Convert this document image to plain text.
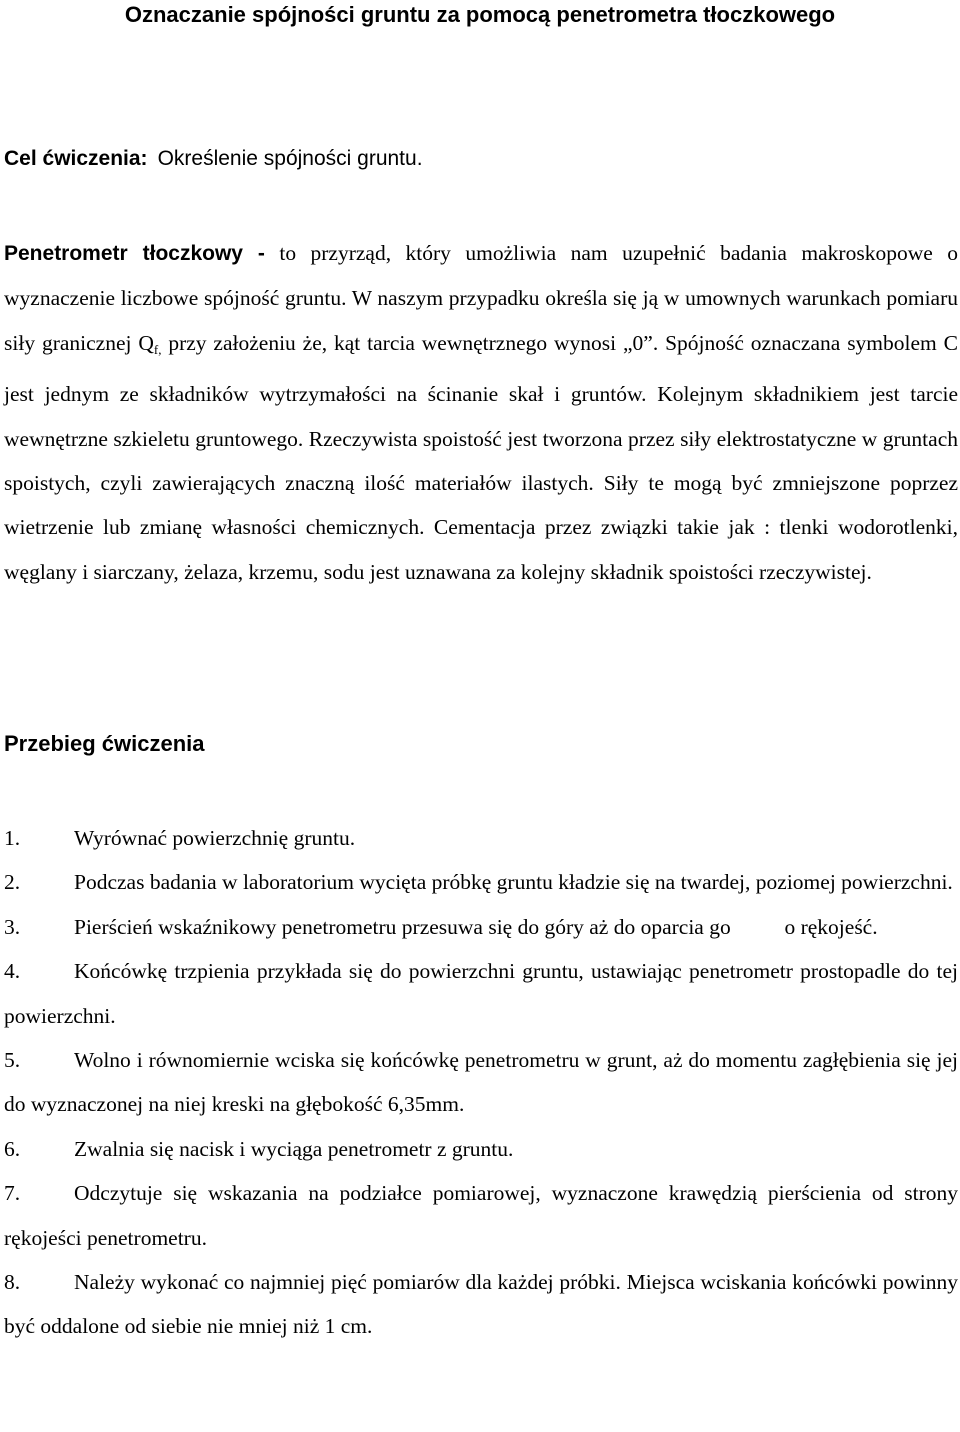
Oznaczanie spójności gruntu za pomocą penetrometra tłoczkowego
Cel ćwiczenia: Określenie spójności gruntu.

Penetrometr tłoczkowy - to przyrząd, który umożliwia nam uzupełnić badania makroskopowe o wyznaczenie liczbowe spójność gruntu. W naszym przypadku określa się ją w umownych warunkach pomiaru siły granicznej $Q_{f,}$ przy założeniu że, kąt tarcia wewnętrznego wynosi „0”. Spójność oznaczana symbolem C jest jednym ze składników wytrzymałości na ścinanie skał i gruntów. Kolejnym składnikiem jest tarcie wewnętrzne szkieletu gruntowego. Rzeczywista spoistość jest tworzona przez siły elektrostatyczne w gruntach spoistych, czyli zawierających znaczną ilość materiałów ilastych. Siły te mogą być zmniejszone poprzez wietrzenie lub zmianę własności chemicznych. Cementacja przez związki takie jak : tlenki wodorotlenki, węglany i siarczany, żelaza, krzemu, sodu jest uznawana za kolejny składnik spoistości rzeczywistej.

Przebieg ćwiczenia
1.	Wyrównać powierzchnię gruntu.
2.	Podczas badania w laboratorium wycięta próbkę gruntu kładzie się na twardej, poziomej powierzchni.
3.	Pierścień wskaźnikowy penetrometru przesuwa się do góry aż do oparcia go          o rękojeść.
4.	Końcówkę trzpienia przykłada się do powierzchni gruntu, ustawiając penetrometr prostopadle do tej powierzchni.
5.	Wolno i równomiernie wciska się końcówkę penetrometru w grunt, aż do momentu zagłębienia się jej do wyznaczonej na niej kreski na głębokość 6,35mm.
6.	Zwalnia się nacisk i wyciąga penetrometr z gruntu.
7.	Odczytuje się wskazania na podziałce pomiarowej, wyznaczone krawędzią pierścienia od strony rękojeści penetrometru.
8.	Należy wykonać co najmniej pięć pomiarów dla każdej próbki. Miejsca wciskania końcówki powinny być oddalone od siebie nie mniej niż 1 cm.
